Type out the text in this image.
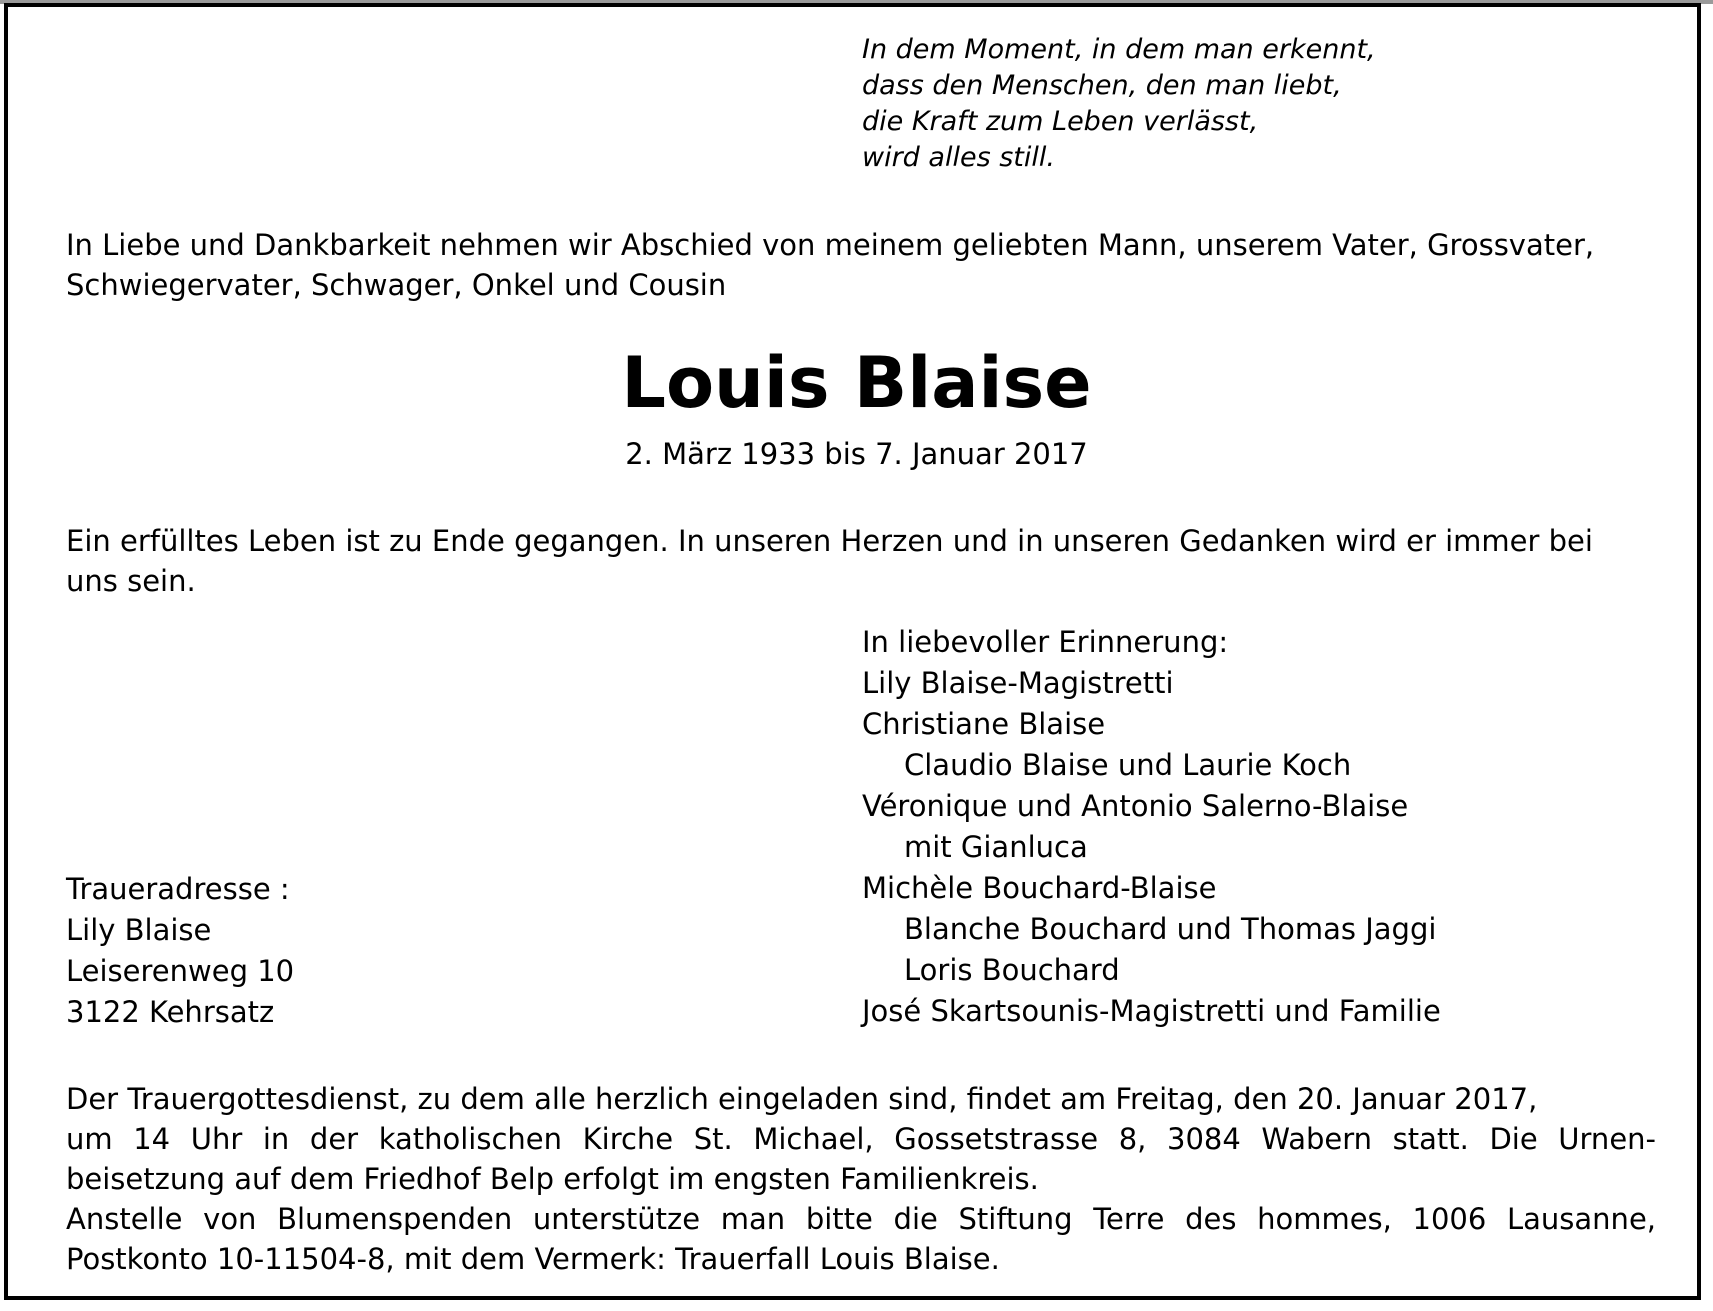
In dem Moment, in dem man erkennt,
dass den Menschen, den man liebt,
die Kraft zum Leben verlässt,
wird alles still.
In Liebe und Dankbarkeit nehmen wir Abschied von meinem geliebten Mann, unserem Vater, Grossvater,
Schwiegervater, Schwager, Onkel und Cousin
Louis Blaise
2. März 1933 bis 7. Januar 2017
Ein erfülltes Leben ist zu Ende gegangen. In unseren Herzen und in unseren Gedanken wird er immer bei
uns sein.
In liebevoller Erinnerung:
Lily Blaise-Magistretti
Christiane Blaise
Claudio Blaise und Laurie Koch
Véronique und Antonio Salerno-Blaise
mit Gianluca
Michèle Bouchard-Blaise
Blanche Bouchard und Thomas Jaggi
Loris Bouchard
José Skartsounis-Magistretti und Familie
Traueradresse :
Lily Blaise
Leiserenweg 10
3122 Kehrsatz
Der Trauergottesdienst, zu dem alle herzlich eingeladen sind, findet am Freitag, den 20. Januar 2017,
um 14 Uhr in der katholischen Kirche St. Michael, Gossetstrasse 8, 3084 Wabern statt. Die Urnen-
beisetzung auf dem Friedhof Belp erfolgt im engsten Familienkreis.
Anstelle von Blumenspenden unterstütze man bitte die Stiftung Terre des hommes, 1006 Lausanne,
Postkonto 10-11504-8, mit dem Vermerk: Trauerfall Louis Blaise.
